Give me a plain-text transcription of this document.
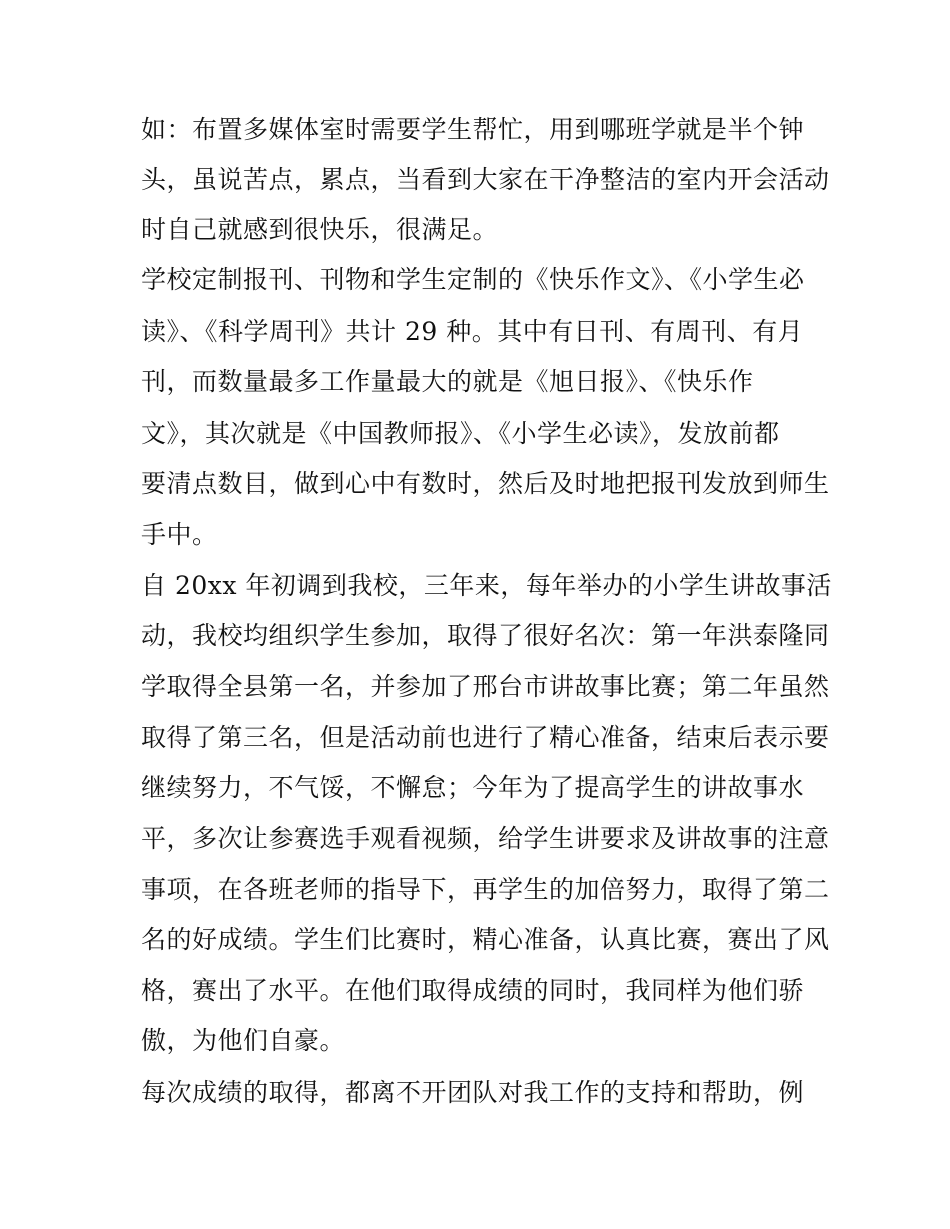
如：布置多媒体室时需要学生帮忙，用到哪班学就是半个钟
头，虽说苦点，累点，当看到大家在干净整洁的室内开会活动
时自己就感到很快乐，很满足。
学校定制报刊、刊物和学生定制的《快乐作文》、《小学生必
读》、《科学周刊》共计 29 种。其中有日刊、有周刊、有月
刊，而数量最多工作量最大的就是《旭日报》、《快乐作
文》，其次就是《中国教师报》、《小学生必读》，发放前都
要清点数目，做到心中有数时，然后及时地把报刊发放到师生
手中。
自 20xx 年初调到我校，三年来，每年举办的小学生讲故事活
动，我校均组织学生参加，取得了很好名次：第一年洪泰隆同
学取得全县第一名，并参加了邢台市讲故事比赛；第二年虽然
取得了第三名，但是活动前也进行了精心准备，结束后表示要
继续努力，不气馁，不懈怠；今年为了提高学生的讲故事水
平，多次让参赛选手观看视频，给学生讲要求及讲故事的注意
事项，在各班老师的指导下，再学生的加倍努力，取得了第二
名的好成绩。学生们比赛时，精心准备，认真比赛，赛出了风
格，赛出了水平。在他们取得成绩的同时，我同样为他们骄
傲，为他们自豪。
每次成绩的取得，都离不开团队对我工作的支持和帮助，例
